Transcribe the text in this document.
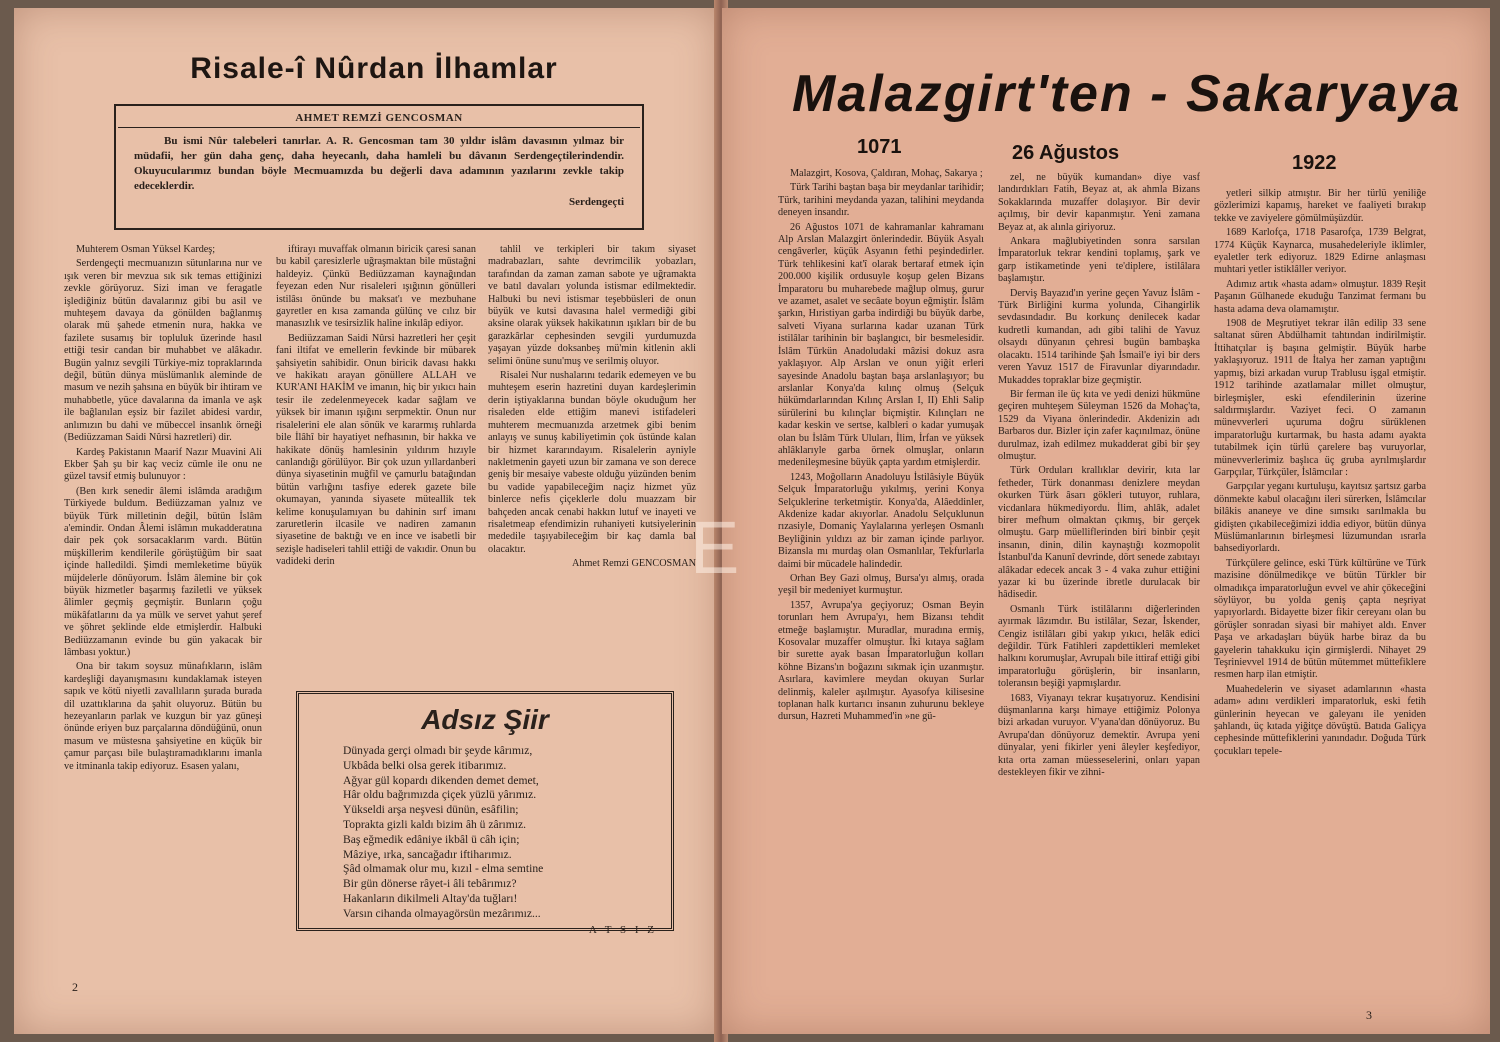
Risale-î Nûrdan İlhamlar
AHMET REMZİ GENCOSMAN
Bu ismi Nûr talebeleri tanırlar. A. R. Gencosman tam 30 yıldır islâm davasının yılmaz bir müdafii, her gün daha genç, daha heyecanlı, daha hamleli bu dâvanın Serdengeçtilerindendir. Okuyucularımız bundan böyle Mecmuamızda bu değerli dava adamının yazılarını zevkle takip edeceklerdir.
Serdengeçti

Muhterem Osman Yüksel Kardeş;

Serdengeçti mecmuanızın sütunlarına nur ve ışık veren bir mevzua sık sık temas ettiğinizi zevkle görüyoruz. Sizi iman ve feragatle işlediğiniz bütün davalarınız gibi bu asil ve muhteşem davaya da gönülden bağlanmış olarak mü şahede etmenin nura, hakka ve fazilete susamış bir topluluk üzerinde hasıl ettiği tesir candan bir muhabbet ve alâkadır. Bugün yalnız sevgili Türkiye-miz topraklarında değil, bütün dünya müslümanlık aleminde de masum ve nezih şahsına en büyük bir ihtiram ve muhabbetle, yüce davalarına da imanla ve aşk ile bağlanılan eşsiz bir fazilet abidesi vardır, anlımızın bu dahi ve mübeccel insanlık örneği (Bediüzzaman Saidi Nûrsi hazretleri) dir.

Kardeş Pakistanın Maarif Nazır Muavini Ali Ekber Şah şu bir kaç veciz cümle ile onu ne güzel tavsif etmiş bulunuyor :

(Ben kırk senedir âlemi islâmda aradığım Türkiyede buldum. Bediüzzaman yalnız ve büyük Türk milletinin değil, bütün İslâm a'emindir. Ondan Âlemi islâmın mukadderatına dair pek çok sorsacaklarım vardı. Bütün müşkillerim kendilerile görüştüğüm bir saat içinde halledildi. Şimdi memleketime büyük müjdelerle dönüyorum. İslâm âlemine bir çok büyük hizmetler başarmış faziletli ve yüksek âlimler geçmiş geçmiştir. Bunların çoğu mükâfatlarını da ya mülk ve servet yahut şeref ve şöhret şeklinde elde etmişlerdir. Halbuki Bediüzzamanın evinde bu gün yakacak bir lâmbası yoktur.)

Ona bir takım soysuz münafıkların, islâm kardeşliği dayanışmasını kundaklamak isteyen sapık ve kötü niyetli zavallıların şurada burada dil uzattıklarına da şahit oluyoruz. Bütün bu hezeyanların parlak ve kuzgun bir yaz güneşi önünde eriyen buz parçalarına döndüğünü, onun masum ve müstesna şahsiyetine en küçük bir çamur parçası bile bulaştıramadıklarını imanla ve itminanla takip ediyoruz. Esasen yalanı,

iftirayı muvaffak olmanın biricik çaresi sanan bu kabil çaresizlerle uğraşmaktan bile müstağni haldeyiz. Çünkü Bediüzzaman kaynağından feyezan eden Nur risaleleri ışığının gönülleri istilâsı önünde bu maksat'ı ve mezbuhane gayretler en kısa zamanda gülünç ve cılız bir manasızlık ve tesirsizlik haline inkılâp ediyor.

Bediüzzaman Saidi Nûrsi hazretleri her çeşit fani iltifat ve emellerin fevkinde bir mübarek şahsiyetin sahibidir. Onun biricik davası hakkı ve hakikatı arayan gönüllere ALLAH ve KUR'ANI HAKİM ve imanın, hiç bir yıkıcı hain tesir ile zedelenmeyecek kadar sağlam ve yüksek bir imanın ışığını serpmektir. Onun nur risalelerini ele alan sönük ve kararmış ruhlarda bile İlâhî bir hayatiyet nefhasının, bir hakka ve hakikate dönüş hamlesinin yıldırım hızıyle canlandığı görülüyor. Bir çok uzun yıllardanberi dünya siyasetinin muğfil ve çamurlu batağından bütün varlığını tasfiye ederek gazete bile okumayan, yanında siyasete müteallik tek kelime konuşulamıyan bu dahinin sırf imanı zaruretlerin ilcasile ve nadiren zamanın siyasetine de baktığı ve en ince ve isabetli bir sezişle hadiseleri tahlil ettiği de vakıdir. Onun bu vadideki derin

tahlil ve terkipleri bir takım siyaset madrabazları, sahte devrimcilik yobazları, tarafından da zaman zaman sabote ye uğramakta ve batıl davaları yolunda istismar edilmektedir. Halbuki bu nevi istismar teşebbüsleri de onun büyük ve kutsi davasına halel vermediği gibi aksine olarak yüksek hakikatının ışıkları bir de bu garazkârlar cephesinden sevgili yurdumuzda yaşayan yüzde doksanbeş mü'min kitlenin akli selimi önüne sunu'muş ve serilmiş oluyor.

Risalei Nur nushalarını tedarik edemeyen ve bu muhteşem eserin hazretini duyan kardeşlerimin derin iştiyaklarına bundan böyle okuduğum her risaleden elde ettiğim manevi istifadeleri muhterem mecmuanızda arzetmek gibi benim anlayış ve sunuş kabiliyetimin çok üstünde kalan bir hizmet kararındayım. Risalelerin ayniyle nakletmenin gayeti uzun bir zamana ve son derece geniş bir mesaiye vabeste olduğu yüzünden benim bu vadide yapabileceğim naçiz hizmet yüz binlerce nefis çiçeklerle dolu muazzam bir bahçeden ancak cenabi hakkın lutuf ve inayeti ve risaletmeap efendimizin ruhaniyeti kutsiyelerinin mededile taşıyabileceğim bir kaç damla bal olacaktır.

Ahmet Remzi GENCOSMAN

Adsız Şiir
Dünyada gerçi olmadı bir şeyde kârımız,
Ukbâda belki olsa gerek itibarımız.
Ağyar gül kopardı dikenden demet demet,
Hâr oldu bağrımızda çiçek yüzlü yârımız.
Yükseldi arşa neşvesi dünün, esâfilin;
Toprakta gizli kaldı bizim âh ü zârımız.
Baş eğmedik edâniye ikbâl ü câh için;
Mâziye, ırka, sancağadır iftiharımız.
Şâd olmamak olur mu, kızıl - elma semtine
Bir gün dönerse râyet-i âli tebârımız?
Hakanların dikilmeli Altay'da tuğları!
Varsın cihanda olmayagörsün mezârımız...
A T S I Z
2
Malazgirt'ten - Sakaryaya
1071	26 Ağustos	1922

Malazgirt, Kosova, Çaldıran, Mohaç, Sakarya ;

Türk Tarihi baştan başa bir meydanlar tarihidir; Türk, tarihini meydanda yazan, talihini meydanda deneyen insandır.

26 Ağustos 1071 de kahramanlar kahramanı Alp Arslan Malazgirt önlerindedir. Büyük Asyalı cengâverler, küçük Asyanın fethi peşindedirler. Türk tehlikesini kat'î olarak bertaraf etmek için 200.000 kişilik ordusuyle koşup gelen Bizans İmparatoru bu muharebede mağlup olmuş, gurur ve azamet, asalet ve secâate boyun eğmiştir. İslâm şarkın, Hıristiyan garba indirdiği bu büyük darbe, salveti Viyana surlarına kadar uzanan Türk istilâlar tarihinin bir başlangıcı, bir besmelesidir. İslâm Türkün Anadoludaki mâzisi dokuz asra yaklaşıyor. Alp Arslan ve onun yiğit erleri sayesinde Anadolu baştan başa arslanlaşıyor; bu arslanlar Konya'da kılınç olmuş (Selçuk hükümdarlarından Kılınç Arslan I, II) Ehli Salip sürülerini bu kılınçlar biçmiştir. Kılınçları ne kadar keskin ve sertse, kalbleri o kadar yumuşak olan bu İslâm Türk Uluları, İlim, İrfan ve yüksek ahlâklarıyle garba örnek olmuşlar, onların medenileşmesine büyük çapta yardım etmişlerdir.

1243, Moğolların Anadoluyu İstilâsiyle Büyük Selçuk İmparatorluğu yıkılmış, yerini Konya Selçuklerine terketmiştir. Konya'da, Alâeddinler, Akdenize kadar akıyorlar. Anadolu Selçuklunun rızasiyle, Domaniç Yaylalarına yerleşen Osmanlı Beyliğinin yıldızı az bir zaman içinde parlıyor. Bizansla mı murdaş olan Osmanlılar, Tekfurlarla daimi bir mücadele halindedir.

Orhan Bey Gazi olmuş, Bursa'yı almış, orada yeşil bir medeniyet kurmuştur.

1357, Avrupa'ya geçiyoruz; Osman Beyin torunları hem Avrupa'yı, hem Bizansı tehdit etmeğe başlamıştır. Muradlar, muradına ermiş, Kosovalar muzaffer olmuştur. İki kıtaya sağlam bir surette ayak basan İmparatorluğun kolları köhne Bizans'ın boğazını sıkmak için uzanmıştır. Asırlara, kavimlere meydan okuyan Surlar delinmiş, kaleler aşılmıştır. Ayasofya kilisesine toplanan halk kurtarıcı insanın zuhurunu bekleye dursun, Hazreti Muhammed'in »ne gü-

zel, ne büyük kumandan» diye vasf landırdıkları Fatih, Beyaz at, ak ahmla Bizans Sokaklarında muzaffer dolaşıyor. Bir devir açılmış, bir devir kapanmıştır. Yeni zamana Beyaz at, ak alınla giriyoruz.

Ankara mağlubiyetinden sonra sarsılan İmparatorluk tekrar kendini toplamış, şark ve garp istikametinde yeni te'diplere, istilâlara başlamıştır.

Derviş Bayazıd'ın yerine geçen Yavuz İslâm - Türk Birliğini kurma yolunda, Cihangirlik sevdasındadır. Bu korkunç denilecek kadar kudretli kumandan, adı gibi talihi de Yavuz olsaydı dünyanın çehresi bugün bambaşka olacaktı. 1514 tarihinde Şah İsmail'e iyi bir ders veren Yavuz 1517 de Firavunlar diyarındadır. Mukaddes topraklar bize geçmiştir.

Bir ferman ile üç kıta ve yedi denizi hükmüne geçiren muhteşem Süleyman 1526 da Mohaç'ta, 1529 da Viyana önlerindedir. Akdenizin adı Barbaros dur. Bizler için zafer kaçınılmaz, önüne durulmaz, izah edilmez mukadderat gibi bir şey olmuştur.

Türk Orduları krallıklar devirir, kıta lar fetheder, Türk donanması denizlere meydan okurken Türk âsarı gökleri tutuyor, ruhlara, vicdanlara hükmediyordu. İlim, ahlâk, adalet birer mefhum olmaktan çıkmış, bir gerçek olmuştu. Garp müelliflerinden biri binbir çeşit insanın, dinin, dilin kaynaştığı kozmopolit İstanbul'da Kanunî devrinde, dört senede zabıtayı alâkadar edecek ancak 3 - 4 vaka zuhur ettiğini yazar ki bu üzerinde ibretle durulacak bir hâdisedir.

Osmanlı Türk istilâlarını diğerlerinden ayırmak lâzımdır. Bu istilâlar, Sezar, İskender, Cengiz istilâları gibi yakıp yıkıcı, helâk edici değildir. Türk Fatihleri zapdettikleri memleket halkını korumuşlar, Avrupalı bile ittiraf ettiği gibi imparatorluğu görüşlerin, bir insanların, toleransın beşiği yapmışlardır.

1683, Viyanayı tekrar kuşatıyoruz. Kendisini düşmanlarına karşı himaye ettiğimiz Polonya bizi arkadan vuruyor. V'yana'dan dönüyoruz. Bu Avrupa'dan dönüyoruz demektir. Avrupa yeni dünyalar, yeni fikirler yeni âleyler keşfediyor, kıta orta zaman müesseselerini, onları yapan destekleyen fikir ve zihni-

yetleri silkip atmıştır. Bir her türlü yeniliğe gözlerimizi kapamış, hareket ve faaliyeti bırakıp tekke ve zaviyelere gömülmüşüzdür.

1689 Karlofça, 1718 Pasarofça, 1739 Belgrat, 1774 Küçük Kaynarca, musahedeleriyle iklimler, eyaletler terk ediyoruz. 1829 Edirne anlaşması muhtari yetler istiklâller veriyor.

Adımız artık «hasta adam» olmuştur. 1839 Reşit Paşanın Gülhanede ekuduğu Tanzimat fermanı bu hasta adama deva olamamıştır.

1908 de Meşrutiyet tekrar ilân edilip 33 sene saltanat süren Abdülhamit tahtından indirilmiştir. İttihatçılar iş başına gelmiştir. Büyük harbe yaklaşıyoruz. 1911 de İtalya her zaman yaptığını yapmış, bizi arkadan vurup Trablusu işgal etmiştir. 1912 tarihinde azatlamalar millet olmuştur, birleşmişler, eski efendilerinin üzerine saldırmışlardır. Vaziyet feci. O zamanın münevverleri uçuruma doğru sürüklenen imparatorluğu kurtarmak, bu hasta adamı ayakta tutabilmek için türlü çarelere baş vuruyorlar, münevverlerimiz başlıca üç gruba ayrılmışlardır Garpçılar, Türkçüler, İslâmcılar :

Garpçılar yeganı kurtuluşu, kayıtsız şartsız garba dönmekte kabul olacağını ileri sürerken, İslâmcılar bilâkis ananeye ve dine sımsıkı sarılmakla bu gidişten çıkabileceğimizi iddia ediyor, bütün dünya Müslümanlarının birleşmesi lüzumundan ısrarla bahsediyorlardı.

Türkçülere gelince, eski Türk kültürüne ve Türk mazisine dönülmedikçe ve bütün Türkler bir olmadıkça imparatorluğun evvel ve ahir çökeceğini söylüyor, bu yolda geniş çapta neşriyat yapıyorlardı. Bidayette bizer fikir cereyanı olan bu görüşler sonradan siyasi bir mahiyet aldı. Enver Paşa ve arkadaşları büyük harbe biraz da bu gayelerin tahakkuku için girmişlerdi. Nihayet 29 Teşrinievvel 1914 de bütün mütemmet müttefiklere resmen harp ilan etmiştir.

Muahedelerin ve siyaset adamlarının «hasta adam» adını verdikleri imparatorluk, eski fetih günlerinin heyecan ve galeyanı ile yeniden şahlandı, üç kıtada yiğitçe dövüştü. Batıda Galiçya cephesinde müttefiklerini yanındadır. Doğuda Türk çocukları tepele-

3
E
